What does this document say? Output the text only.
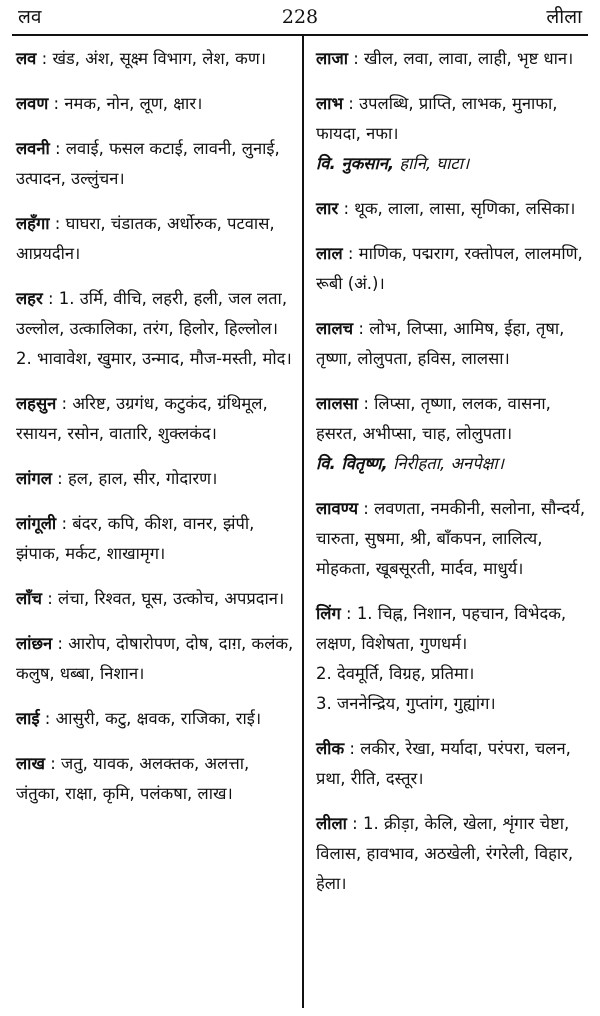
लव	228	लीला
लव : खंड, अंश, सूक्ष्म विभाग, लेश, कण।
लवण : नमक, नोन, लूण, क्षार।
लवनी : लवाई, फसल कटाई, लावनी, लुनाई, उत्पादन, उल्लुंचन।
लहँगा : घाघरा, चंडातक, अर्धोरुक, पटवास, आप्रयदीन।
लहर : 1. उर्मि, वीचि, लहरी, हली, जल लता, उल्लोल, उत्कालिका, तरंग, हिलोर, हिल्लोल।
2. भावावेश, खुमार, उन्माद, मौज-मस्ती, मोद।
लहसुन : अरिष्ट, उग्रगंध, कटुकंद, ग्रंथिमूल, रसायन, रसोन, वातारि, शुक्लकंद।
लांगल : हल, हाल, सीर, गोदारण।
लांगूली : बंदर, कपि, कीश, वानर, झंपी, झंपाक, मर्कट, शाखामृग।
लाँच : लंचा, रिश्वत, घूस, उत्कोच, अपप्रदान।
लांछन : आरोप, दोषारोपण, दोष, दाग़, कलंक, कलुष, धब्बा, निशान।
लाई : आसुरी, कटु, क्षवक, राजिका, राई।
लाख : जतु, यावक, अलक्तक, अलत्ता, जंतुका, राक्षा, कृमि, पलंकषा, लाख।
लाजा : खील, लवा, लावा, लाही, भृष्ट धान।
लाभ : उपलब्धि, प्राप्ति, लाभक, मुनाफा, फायदा, नफा।
वि. नुकसान, हानि, घाटा।
लार : थूक, लाला, लासा, सृणिका, लसिका।
लाल : माणिक, पद्मराग, रक्तोपल, लालमणि, रूबी (अं.)।
लालच : लोभ, लिप्सा, आमिष, ईहा, तृषा, तृष्णा, लोलुपता, हविस, लालसा।
लालसा : लिप्सा, तृष्णा, ललक, वासना, हसरत, अभीप्सा, चाह, लोलुपता।
वि. वितृष्ण, निरीहता, अनपेक्षा।
लावण्य : लवणता, नमकीनी, सलोना, सौन्दर्य, चारुता, सुषमा, श्री, बाँकपन, लालित्य, मोहकता, खूबसूरती, मार्दव, माधुर्य।
लिंग : 1. चिह्न, निशान, पहचान, विभेदक, लक्षण, विशेषता, गुणधर्म।
2. देवमूर्ति, विग्रह, प्रतिमा।
3. जननेन्द्रिय, गुप्तांग, गुह्यांग।
लीक : लकीर, रेखा, मर्यादा, परंपरा, चलन, प्रथा, रीति, दस्तूर।
लीला : 1. क्रीड़ा, केलि, खेला, शृंगार चेष्टा, विलास, हावभाव, अठखेली, रंगरेली, विहार, हेला।
